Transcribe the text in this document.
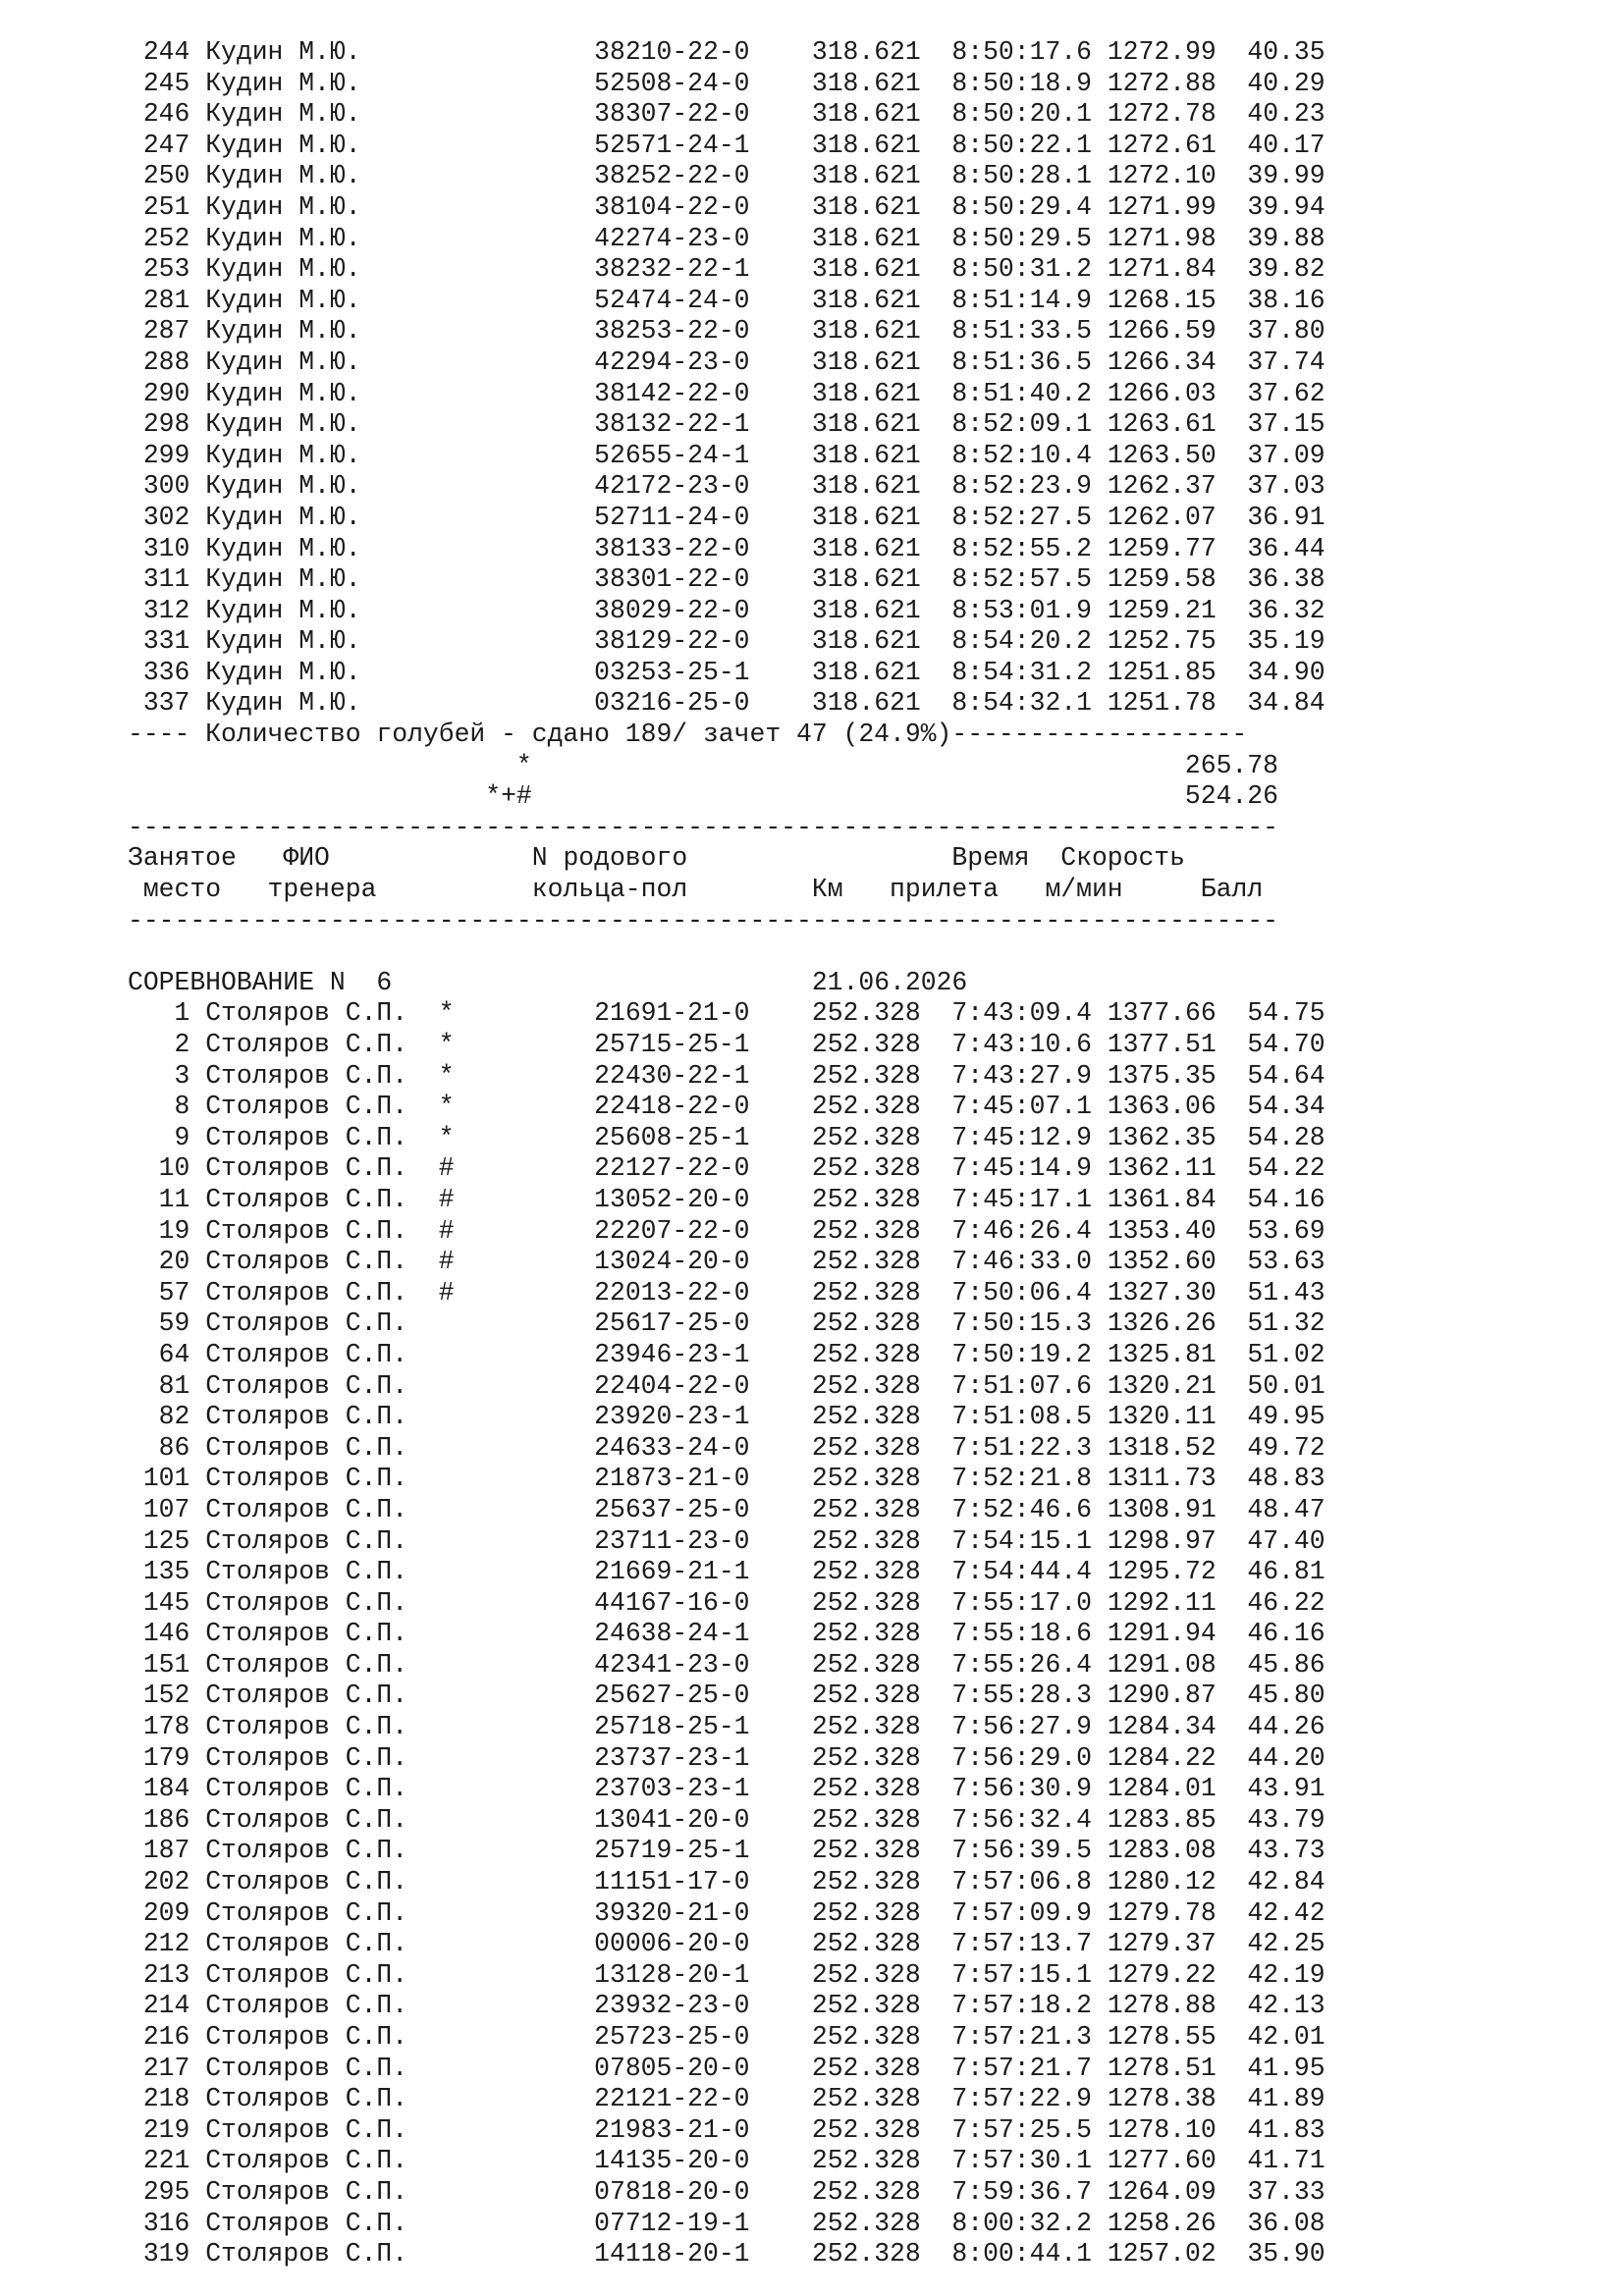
244 Кудин М.Ю.	38210-22-0 318.621 8:50:17.6 1272.99 40.35
245 Кудин М.Ю.	52508-24-0 318.621 8:50:18.9 1272.88 40.29
246 Кудин М.Ю.	38307-22-0 318.621 8:50:20.1 1272.78 40.23
247 Кудин М.Ю.	52571-24-1 318.621 8:50:22.1 1272.61 40.17
250 Кудин М.Ю.	38252-22-0 318.621 8:50:28.1 1272.10 39.99
251 Кудин М.Ю.	38104-22-0 318.621 8:50:29.4 1271.99 39.94
252 Кудин М.Ю.	42274-23-0 318.621 8:50:29.5 1271.98 39.88
253 Кудин М.Ю.	38232-22-1 318.621 8:50:31.2 1271.84 39.82
281 Кудин М.Ю.	52474-24-0 318.621 8:51:14.9 1268.15 38.16
287 Кудин М.Ю.	38253-22-0 318.621 8:51:33.5 1266.59 37.80
288 Кудин М.Ю.	42294-23-0 318.621 8:51:36.5 1266.34 37.74
290 Кудин М.Ю.	38142-22-0 318.621 8:51:40.2 1266.03 37.62
298 Кудин М.Ю.	38132-22-1 318.621 8:52:09.1 1263.61 37.15
299 Кудин М.Ю.	52655-24-1 318.621 8:52:10.4 1263.50 37.09
300 Кудин М.Ю.	42172-23-0 318.621 8:52:23.9 1262.37 37.03
302 Кудин М.Ю.	52711-24-0 318.621 8:52:27.5 1262.07 36.91
310 Кудин М.Ю.	38133-22-0 318.621 8:52:55.2 1259.77 36.44
311 Кудин М.Ю.	38301-22-0 318.621 8:52:57.5 1259.58 36.38
312 Кудин М.Ю.	38029-22-0 318.621 8:53:01.9 1259.21 36.32
331 Кудин М.Ю.	38129-22-0 318.621 8:54:20.2 1252.75 35.19
336 Кудин М.Ю.	03253-25-1 318.621 8:54:31.2 1251.85 34.90
337 Кудин М.Ю.	03216-25-0 318.621 8:54:32.1 1251.78 34.84
---- Количество голубей - сдано 189/ зачет 47 (24.9%)-------------------
*                                          265.78
*+#                                          524.26
--------------------------------------------------------------------------
Занятое ФИО             N родового	Время Скорость
место тренера          кольца-пол        Км прилета   м/мин     Балл
--------------------------------------------------------------------------
СОРЕВНОВАНИЕ N  6                           21.06.2026
1 Столяров С.П.  *         21691-21-0 252.328 7:43:09.4 1377.66 54.75
2 Столяров С.П.  *         25715-25-1 252.328 7:43:10.6 1377.51 54.70
3 Столяров С.П.  *         22430-22-1 252.328 7:43:27.9 1375.35 54.64
8 Столяров С.П.  *         22418-22-0 252.328 7:45:07.1 1363.06 54.34
9 Столяров С.П.  *         25608-25-1 252.328 7:45:12.9 1362.35 54.28
10 Столяров С.П.  #         22127-22-0 252.328 7:45:14.9 1362.11 54.22
11 Столяров С.П.  #         13052-20-0 252.328 7:45:17.1 1361.84 54.16
19 Столяров С.П.  #         22207-22-0 252.328 7:46:26.4 1353.40 53.69
20 Столяров С.П.  #         13024-20-0 252.328 7:46:33.0 1352.60 53.63
57 Столяров С.П.  #         22013-22-0 252.328 7:50:06.4 1327.30 51.43
59 Столяров С.П.	25617-25-0 252.328 7:50:15.3 1326.26 51.32
64 Столяров С.П.	23946-23-1 252.328 7:50:19.2 1325.81 51.02
81 Столяров С.П.	22404-22-0 252.328 7:51:07.6 1320.21 50.01
82 Столяров С.П.	23920-23-1 252.328 7:51:08.5 1320.11 49.95
86 Столяров С.П.	24633-24-0 252.328 7:51:22.3 1318.52 49.72
101 Столяров С.П.	21873-21-0 252.328 7:52:21.8 1311.73 48.83
107 Столяров С.П.	25637-25-0 252.328 7:52:46.6 1308.91 48.47
125 Столяров С.П.	23711-23-0 252.328 7:54:15.1 1298.97 47.40
135 Столяров С.П.	21669-21-1 252.328 7:54:44.4 1295.72 46.81
145 Столяров С.П.	44167-16-0 252.328 7:55:17.0 1292.11 46.22
146 Столяров С.П.	24638-24-1 252.328 7:55:18.6 1291.94 46.16
151 Столяров С.П.	42341-23-0 252.328 7:55:26.4 1291.08 45.86
152 Столяров С.П.	25627-25-0 252.328 7:55:28.3 1290.87 45.80
178 Столяров С.П.	25718-25-1 252.328 7:56:27.9 1284.34 44.26
179 Столяров С.П.	23737-23-1 252.328 7:56:29.0 1284.22 44.20
184 Столяров С.П.	23703-23-1 252.328 7:56:30.9 1284.01 43.91
186 Столяров С.П.	13041-20-0 252.328 7:56:32.4 1283.85 43.79
187 Столяров С.П.	25719-25-1 252.328 7:56:39.5 1283.08 43.73
202 Столяров С.П.	11151-17-0 252.328 7:57:06.8 1280.12 42.84
209 Столяров С.П.	39320-21-0 252.328 7:57:09.9 1279.78 42.42
212 Столяров С.П.	00006-20-0 252.328 7:57:13.7 1279.37 42.25
213 Столяров С.П.	13128-20-1 252.328 7:57:15.1 1279.22 42.19
214 Столяров С.П.	23932-23-0 252.328 7:57:18.2 1278.88 42.13
216 Столяров С.П.	25723-25-0 252.328 7:57:21.3 1278.55 42.01
217 Столяров С.П.	07805-20-0 252.328 7:57:21.7 1278.51 41.95
218 Столяров С.П.	22121-22-0 252.328 7:57:22.9 1278.38 41.89
219 Столяров С.П.	21983-21-0 252.328 7:57:25.5 1278.10 41.83
221 Столяров С.П.	14135-20-0 252.328 7:57:30.1 1277.60 41.71
295 Столяров С.П.	07818-20-0 252.328 7:59:36.7 1264.09 37.33
316 Столяров С.П.	07712-19-1 252.328 8:00:32.2 1258.26 36.08
319 Столяров С.П.	14118-20-1 252.328 8:00:44.1 1257.02 35.90
